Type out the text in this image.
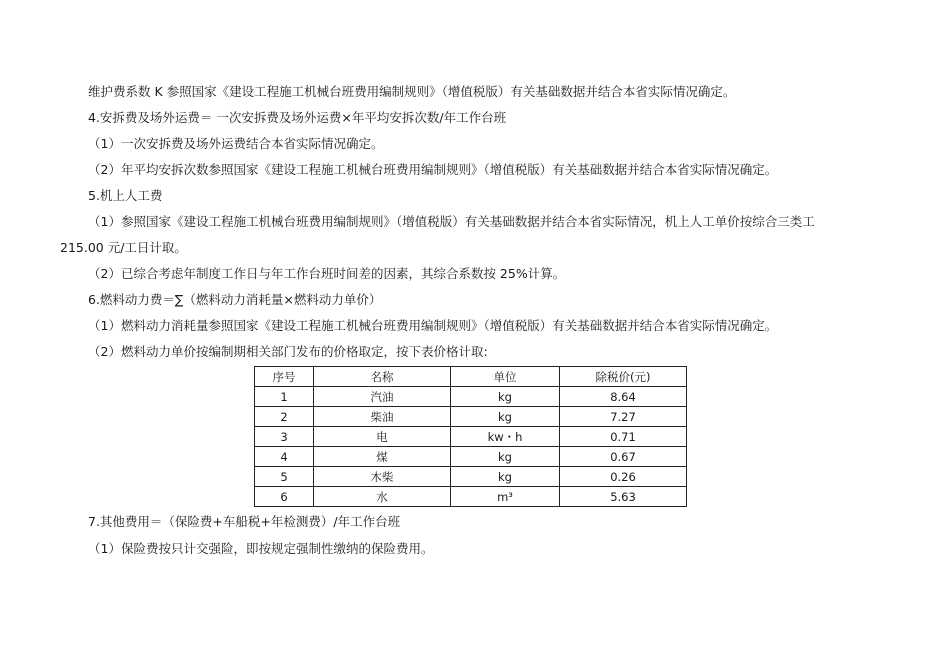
维护费系数 K 参照国家《建设工程施工机械台班费用编制规则》（增值税版）有关基础数据并结合本省实际情况确定。
4.安拆费及场外运费＝ 一次安拆费及场外运费×年平均安拆次数/年工作台班
（1）一次安拆费及场外运费结合本省实际情况确定。
（2）年平均安拆次数参照国家《建设工程施工机械台班费用编制规则》（增值税版）有关基础数据并结合本省实际情况确定。
5.机上人工费
（1）参照国家《建设工程施工机械台班费用编制规则》（增值税版）有关基础数据并结合本省实际情况，机上人工单价按综合三类工
215.00 元/工日计取。
（2）已综合考虑年制度工作日与年工作台班时间差的因素，其综合系数按 25%计算。
6.燃料动力费＝∑（燃料动力消耗量×燃料动力单价）
（1）燃料动力消耗量参照国家《建设工程施工机械台班费用编制规则》（增值税版）有关基础数据并结合本省实际情况确定。
（2）燃料动力单价按编制期相关部门发布的价格取定，按下表价格计取:
序号	名称	单位	除税价(元)
1	汽油	kg	8.64
2	柴油	kg	7.27
3	电	kw・h	0.71
4	煤	kg	0.67
5	木柴	kg	0.26
6	水	m³	5.63
7.其他费用＝（保险费+车船税+年检测费）/年工作台班
（1）保险费按只计交强险，即按规定强制性缴纳的保险费用。
